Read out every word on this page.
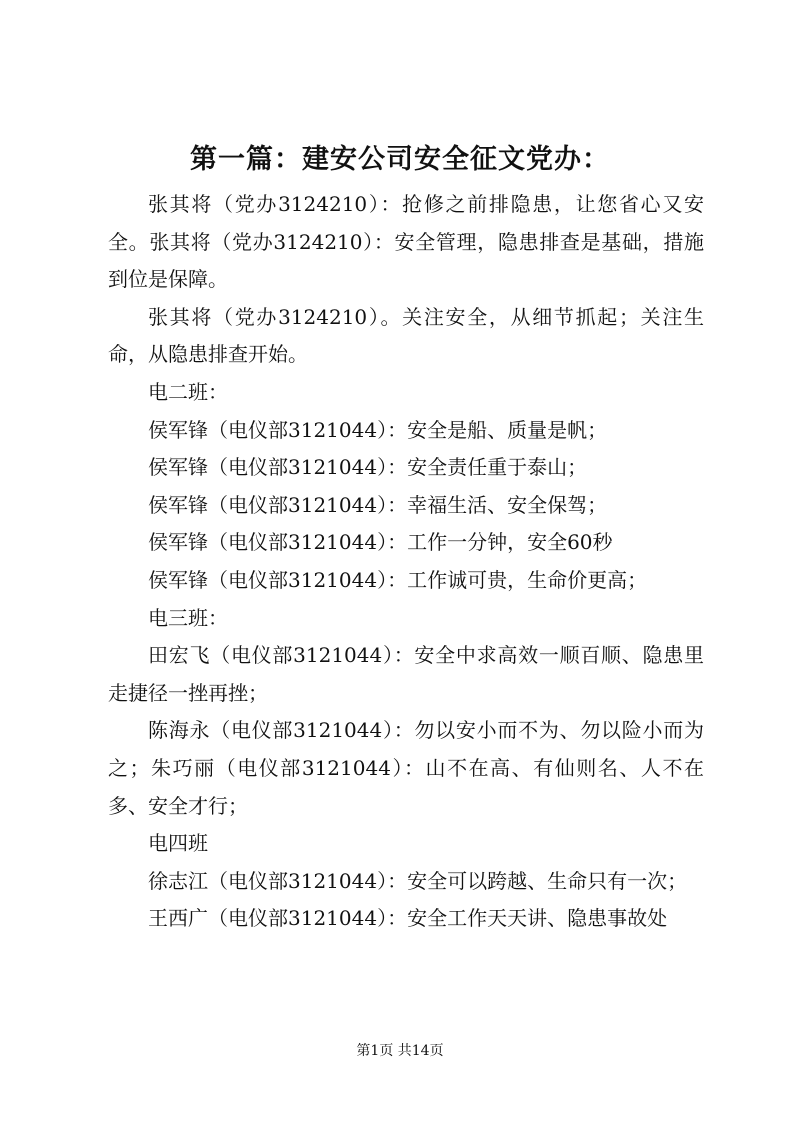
第一篇：建安公司安全征文党办：

张其将（党办3124210）：抢修之前排隐患，让您省心又安全。张其将（党办3124210）：安全管理，隐患排查是基础，措施到位是保障。

张其将（党办3124210）。关注安全，从细节抓起；关注生命，从隐患排查开始。

电二班：

侯军锋（电仪部3121044）：安全是船、质量是帆；

侯军锋（电仪部3121044）：安全责任重于泰山；

侯军锋（电仪部3121044）：幸福生活、安全保驾；

侯军锋（电仪部3121044）：工作一分钟，安全60秒

侯军锋（电仪部3121044）：工作诚可贵，生命价更高；

电三班：

田宏飞（电仪部3121044）：安全中求高效一顺百顺、隐患里走捷径一挫再挫；

陈海永（电仪部3121044）：勿以安小而不为、勿以险小而为之；朱巧丽（电仪部3121044）：山不在高、有仙则名、人不在多、安全才行；

电四班

徐志江（电仪部3121044）：安全可以跨越、生命只有一次；

王西广（电仪部3121044）：安全工作天天讲、隐患事故处

第1页 共14页
